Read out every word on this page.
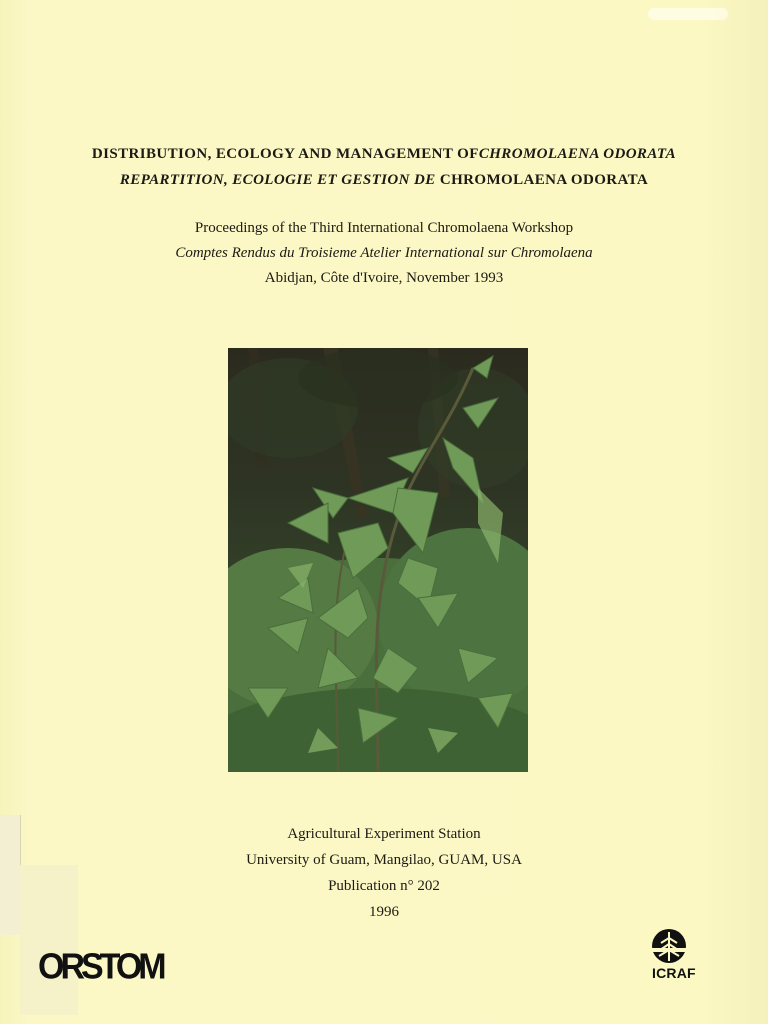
DISTRIBUTION, ECOLOGY AND MANAGEMENT OFCHROMOLAENA ODORATA
REPARTITION, ECOLOGIE ET GESTION DE CHROMOLAENA ODORATA
Proceedings of the Third International Chromolaena Workshop
Comptes Rendus du Troisieme Atelier International sur Chromolaena
Abidjan, Côte d'Ivoire, November 1993
Agricultural Experiment Station
University of Guam, Mangilao, GUAM, USA
Publication n° 202
1996
ORSTOM	ICRAF
